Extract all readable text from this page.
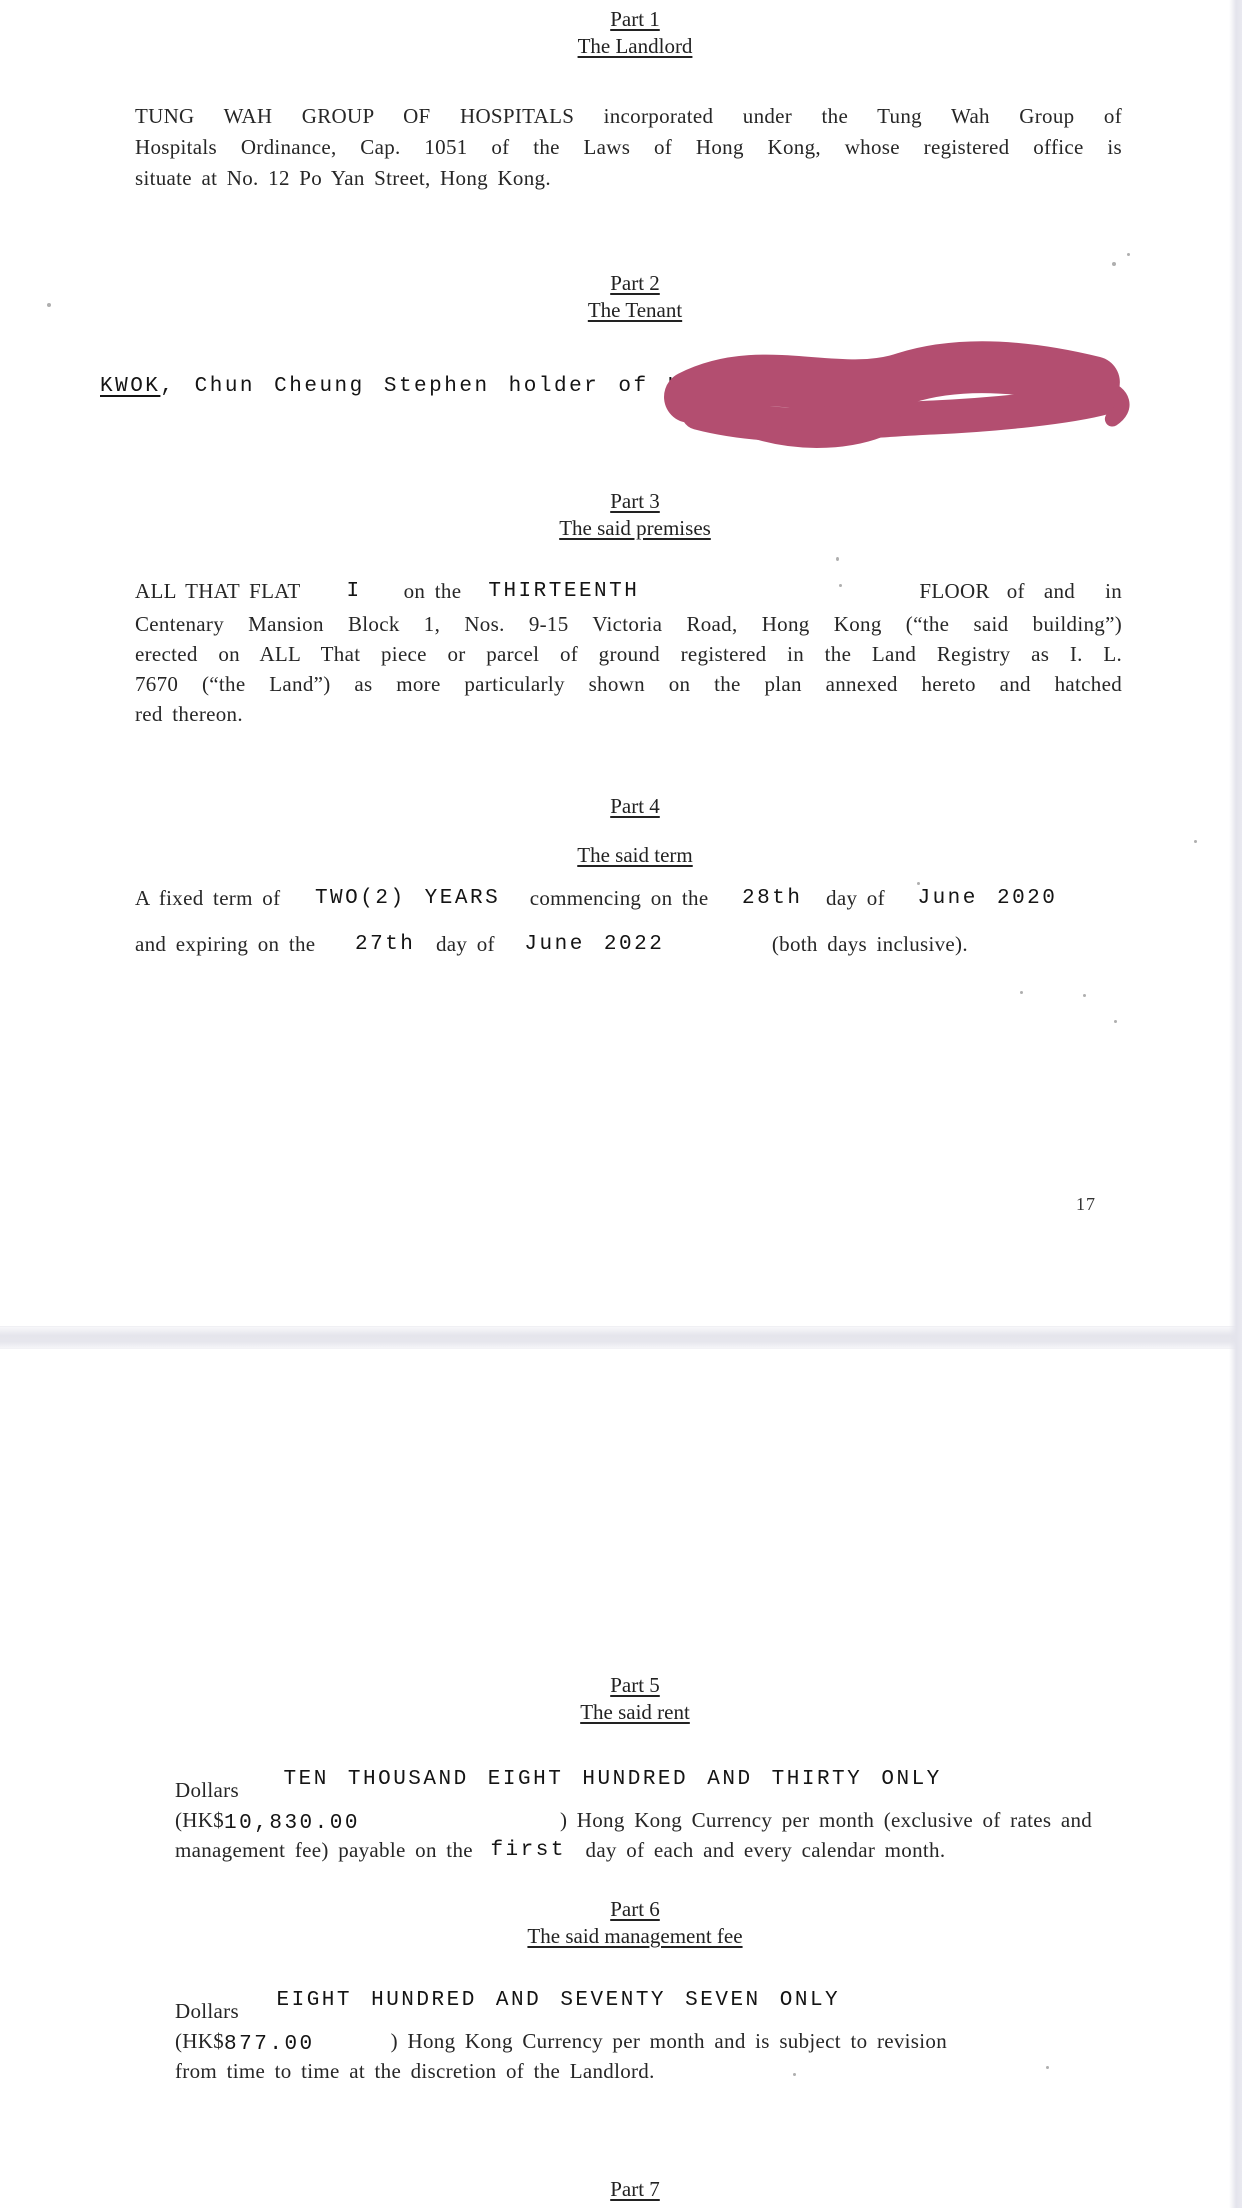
Part 1
The Landlord
TUNG WAH GROUP OF HOSPITALS incorporated under the Tung Wah Group of
Hospitals Ordinance, Cap. 1051 of the Laws of Hong Kong, whose registered office is
situate at No. 12 Po Yan Street, Hong Kong.
Part 2
The Tenant
KWOK, Chun Cheung Stephen holder of HK
Part 3
The said premises
ALL THAT FLAT I on the THIRTEENTH	FLOOR of and in
Centenary Mansion Block 1, Nos. 9-15 Victoria Road, Hong Kong (“the said building”)
erected on ALL That piece or parcel of ground registered in the Land Registry as I. L.
7670 (“the Land”) as more particularly shown on the plan annexed hereto and hatched
red thereon.
Part 4
The said term
A fixed term of TWO(2) YEARS commencing on the 28th day of June 2020
and expiring on the 27th day of June 2022	(both days inclusive).
17
Part 5
The said rent
Dollars TEN THOUSAND EIGHT HUNDRED AND THIRTY ONLY
(HK$10,830.00	) Hong Kong Currency per month (exclusive of rates and
management fee) payable on the first day of each and every calendar month.
Part 6
The said management fee
Dollars EIGHT HUNDRED AND SEVENTY SEVEN ONLY
(HK$877.00	) Hong Kong Currency per month and is subject to revision
from time to time at the discretion of the Landlord.
Part 7
